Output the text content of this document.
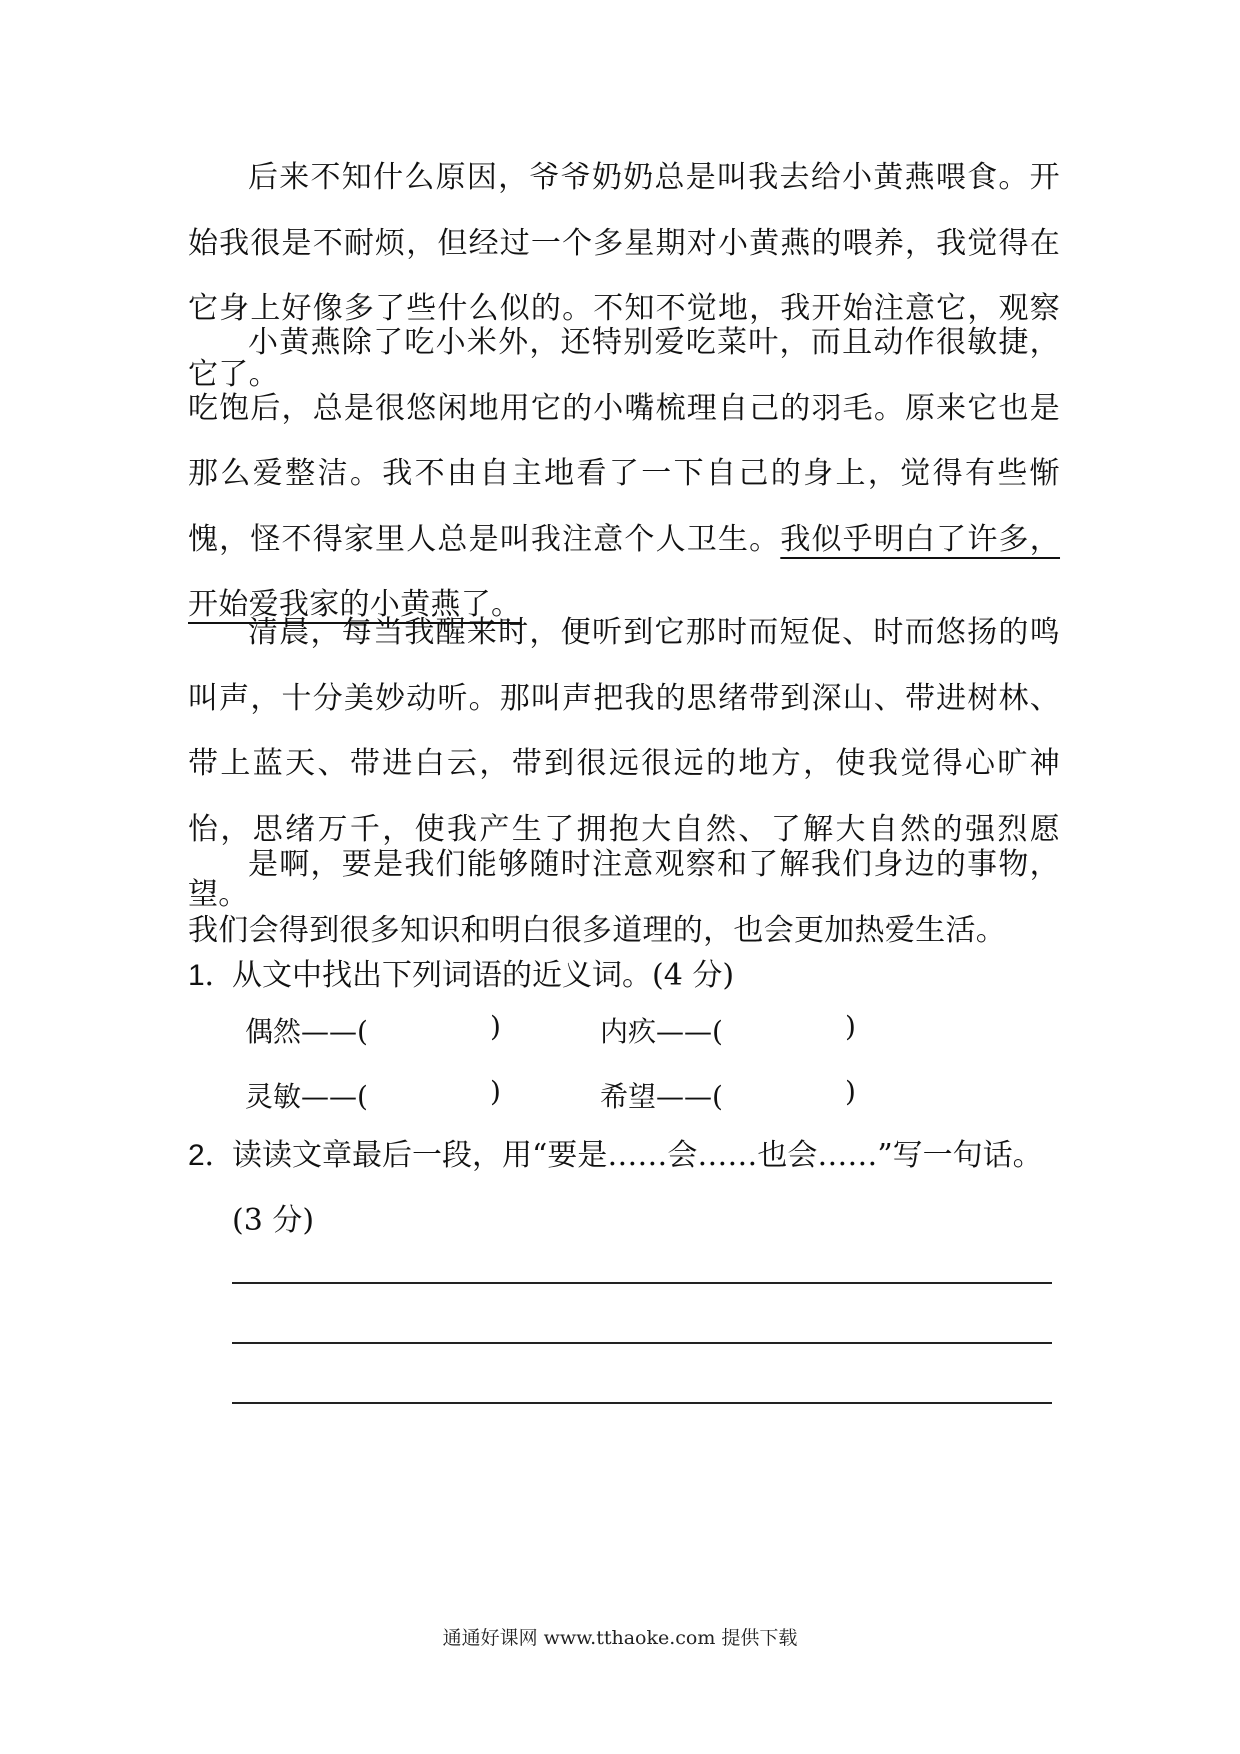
后来不知什么原因，爷爷奶奶总是叫我去给小黄燕喂食。开始我很是不耐烦，但经过一个多星期对小黄燕的喂养，我觉得在它身上好像多了些什么似的。不知不觉地，我开始注意它，观察它了。

小黄燕除了吃小米外，还特别爱吃菜叶，而且动作很敏捷，吃饱后，总是很悠闲地用它的小嘴梳理自己的羽毛。原来它也是那么爱整洁。我不由自主地看了一下自己的身上，觉得有些惭愧，怪不得家里人总是叫我注意个人卫生。我似乎明白了许多，开始爱我家的小黄燕了。

清晨，每当我醒来时，便听到它那时而短促、时而悠扬的鸣叫声，十分美妙动听。那叫声把我的思绪带到深山、带进树林、带上蓝天、带进白云，带到很远很远的地方，使我觉得心旷神怡，思绪万千，使我产生了拥抱大自然、了解大自然的强烈愿望。

是啊，要是我们能够随时注意观察和了解我们身边的事物，我们会得到很多知识和明白很多道理的，也会更加热爱生活。

1．从文中找出下列词语的近义词。(4 分)

偶然——(	)	内疚——(	)
灵敏——(	)	希望——(	)

2．读读文章最后一段，用“要是……会……也会……”写一句话。

(3 分)

通通好课网 www.tthaoke.com 提供下载
